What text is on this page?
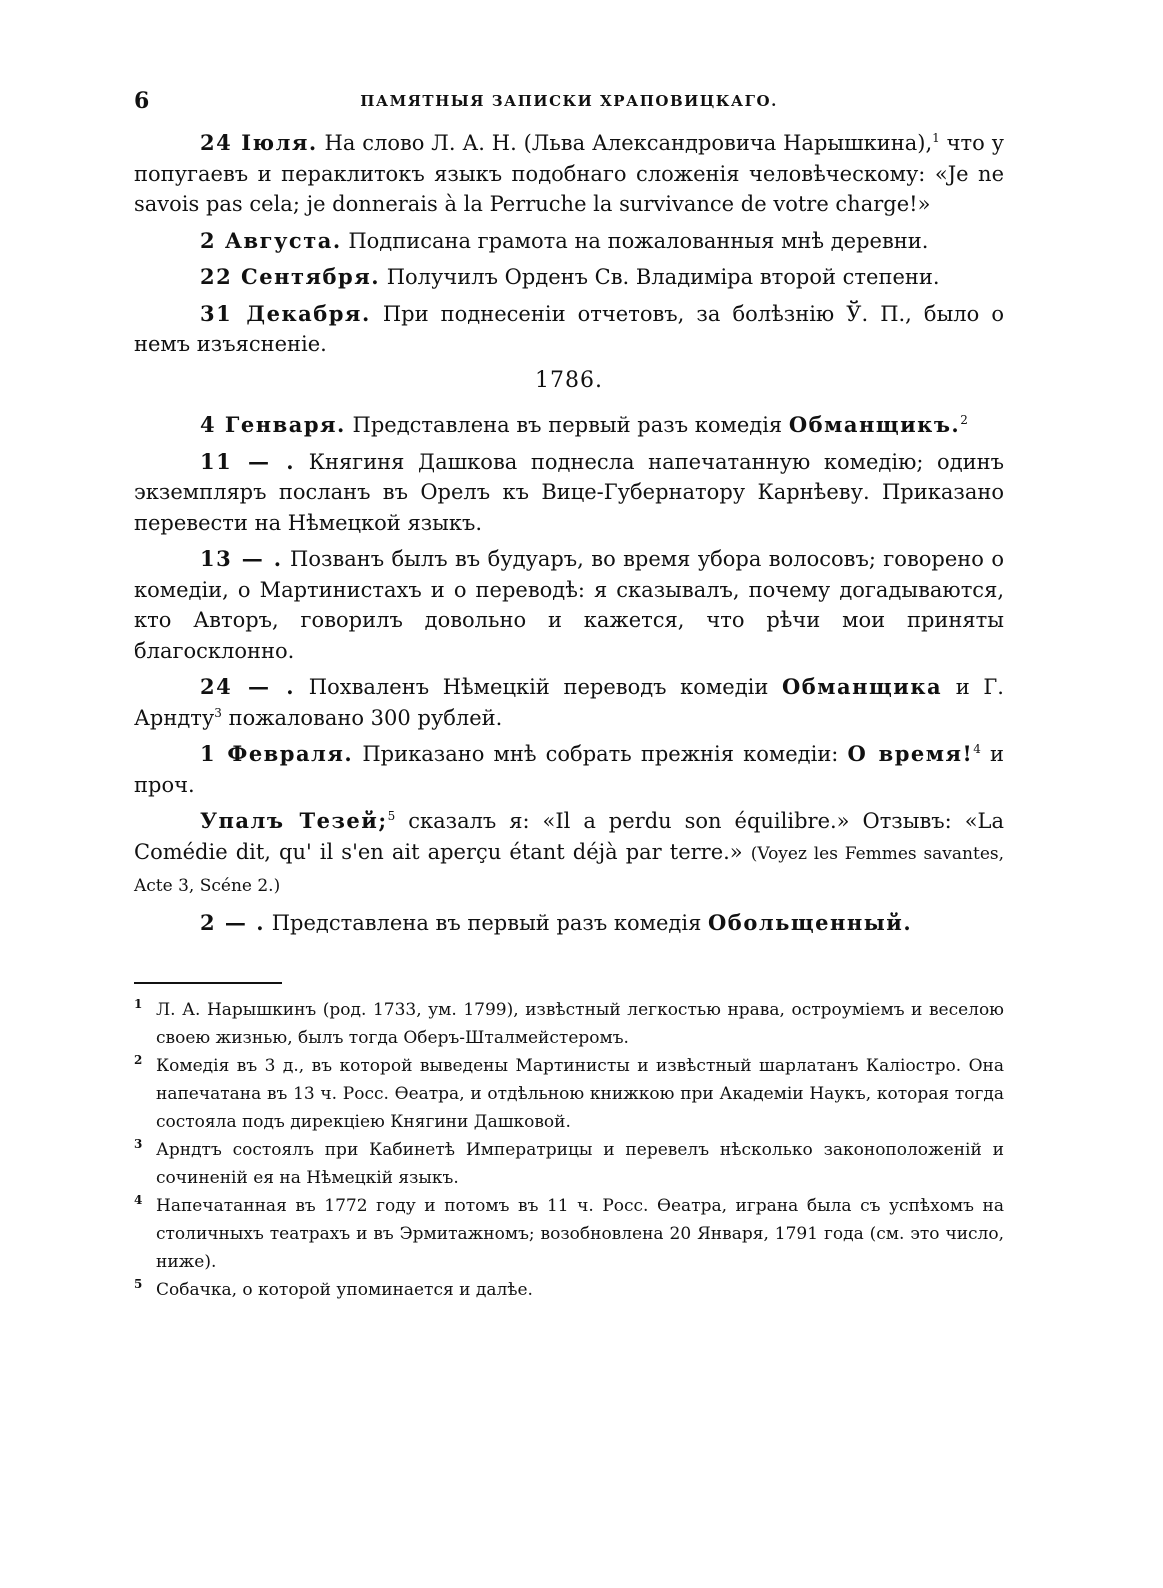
6	ПАМЯТНЫЯ ЗАПИСКИ ХРАПОВИЦКАГО.

24 Іюля. На слово Л. А. Н. (Льва Александровича Нарышкина),$^1$ что у попугаевъ и пераклитокъ языкъ подобнаго сложенія человѣческому: «Je ne savois pas cela; je donnerais à la Perruche la survivance de votre charge!»

2 Августа. Подписана грамота на пожалованныя мнѣ деревни.

22 Сентября. Получилъ Орденъ Св. Владиміра второй степени.

31 Декабря. При поднесеніи отчетовъ, за болѣзнію Ў. П., было о немъ изъясненіе.

1786.

4 Генваря. Представлена въ первый разъ комедія Обманщикъ.$^2$

11 — . Княгиня Дашкова поднесла напечатанную комедію; одинъ экземпляръ посланъ въ Орелъ къ Вице-Губернатору Карнѣеву. Приказано перевести на Нѣмецкой языкъ.

13 — . Позванъ былъ въ будуаръ, во время убора волосовъ; говорено о комедіи, о Мартинистахъ и о переводѣ: я сказывалъ, почему догадываются, кто Авторъ, говорилъ довольно и кажется, что рѣчи мои приняты благосклонно.

24 — . Похваленъ Нѣмецкій переводъ комедіи Обманщика и Г. Арндту$^3$ пожаловано 300 рублей.

1 Февраля. Приказано мнѣ собрать прежнія комедіи: О время!$^4$ и проч.

Упалъ Тезей;$^5$ сказалъ я: «Il a perdu son équilibre.» Отзывъ: «La Comédie dit, qu' il s'en ait aperçu étant déjà par terre.» (Voyez les Femmes savantes, Acte 3, Scéne 2.)

2 — . Представлена въ первый разъ комедія Обольщенный.

1 Л. А. Нарышкинъ (род. 1733, ум. 1799), извѣстный легкостью нрава, остроуміемъ и веселою своею жизнью, былъ тогда Оберъ-Шталмейстеромъ.

2 Комедія въ 3 д., въ которой выведены Мартинисты и извѣстный шарлатанъ Каліостро. Она напечатана въ 13 ч. Росс. Өеатра, и отдѣльною книжкою при Академіи Наукъ, которая тогда состояла подъ дирекціею Княгини Дашковой.

3 Арндтъ состоялъ при Кабинетѣ Императрицы и перевелъ нѣсколько законоположеній и сочиненій ея на Нѣмецкій языкъ.

4 Напечатанная въ 1772 году и потомъ въ 11 ч. Росс. Өеатра, играна была съ успѣхомъ на столичныхъ театрахъ и въ Эрмитажномъ; возобновлена 20 Января, 1791 года (см. это число, ниже).

5 Собачка, о которой упоминается и далѣе.
